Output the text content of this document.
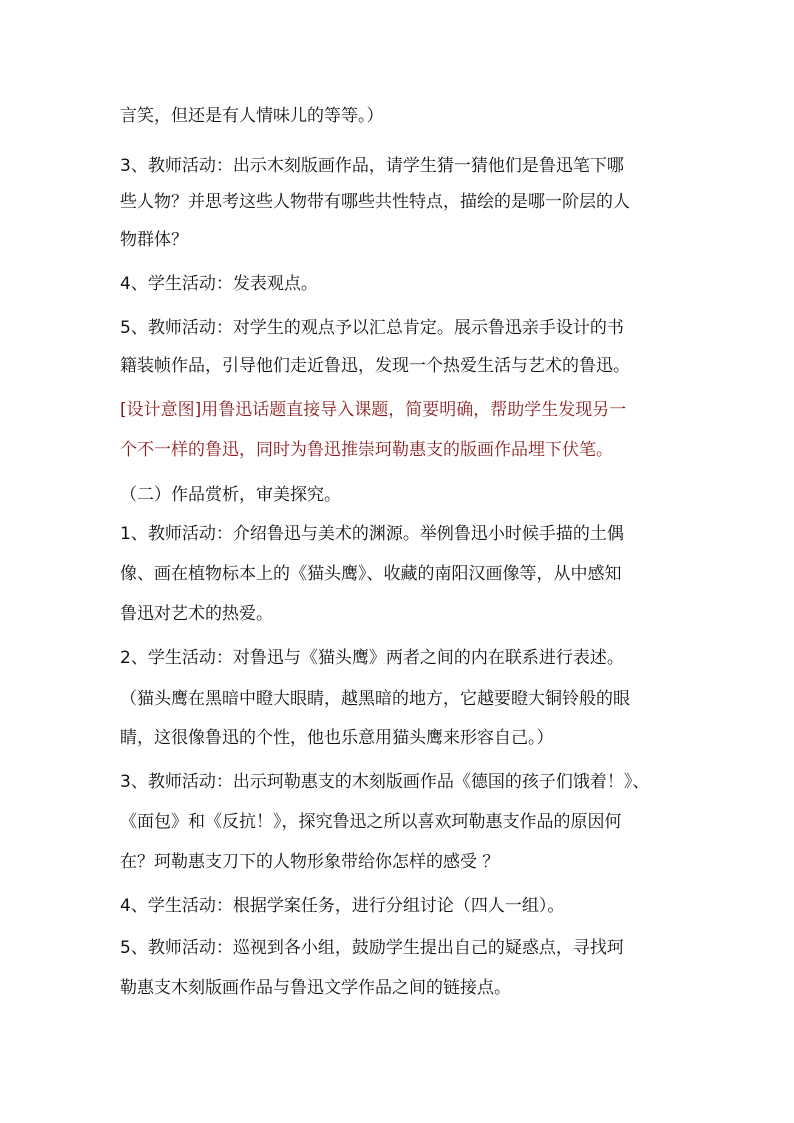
言笑，但还是有人情味儿的等等。）
3、教师活动：出示木刻版画作品，请学生猜一猜他们是鲁迅笔下哪
些人物？并思考这些人物带有哪些共性特点，描绘的是哪一阶层的人
物群体？
4、学生活动：发表观点。
5、教师活动：对学生的观点予以汇总肯定。展示鲁迅亲手设计的书
籍装帧作品，引导他们走近鲁迅，发现一个热爱生活与艺术的鲁迅。
[设计意图]用鲁迅话题直接导入课题，简要明确，帮助学生发现另一
个不一样的鲁迅，同时为鲁迅推崇珂勒惠支的版画作品埋下伏笔。
（二）作品赏析，审美探究。
1、教师活动：介绍鲁迅与美术的渊源。举例鲁迅小时候手描的土偶
像、画在植物标本上的《猫头鹰》、收藏的南阳汉画像等，从中感知
鲁迅对艺术的热爱。
2、学生活动：对鲁迅与《猫头鹰》两者之间的内在联系进行表述。
（猫头鹰在黑暗中瞪大眼睛，越黑暗的地方，它越要瞪大铜铃般的眼
睛，这很像鲁迅的个性，他也乐意用猫头鹰来形容自己。）
3、教师活动：出示珂勒惠支的木刻版画作品《德国的孩子们饿着！》、
《面包》和《反抗！》，探究鲁迅之所以喜欢珂勒惠支作品的原因何
在？珂勒惠支刀下的人物形象带给你怎样的感受 ？
4、学生活动：根据学案任务，进行分组讨论（四人一组）。
5、教师活动：巡视到各小组，鼓励学生提出自己的疑惑点，寻找珂
勒惠支木刻版画作品与鲁迅文学作品之间的链接点。
